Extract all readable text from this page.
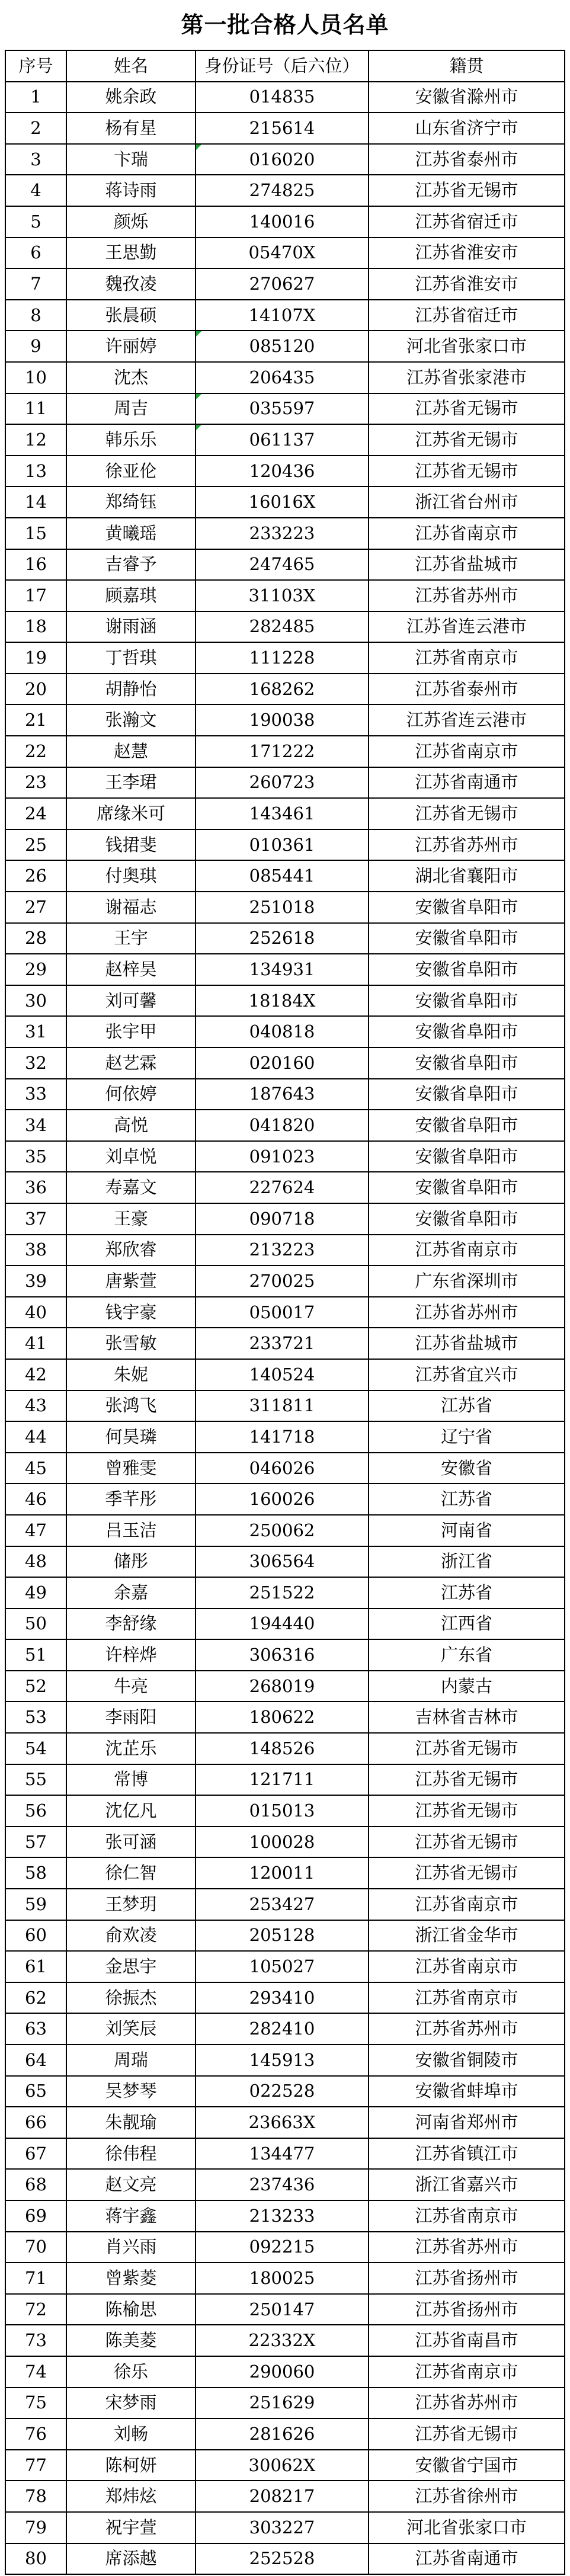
第一批合格人员名单
序号	姓名	身份证号（后六位）	籍贯
1	姚余政	014835	安徽省滁州市
2	杨有星	215614	山东省济宁市
3	卞瑞	016020	江苏省泰州市
4	蒋诗雨	274825	江苏省无锡市
5	颜烁	140016	江苏省宿迁市
6	王思勤	05470X	江苏省淮安市
7	魏孜凌	270627	江苏省淮安市
8	张晨硕	14107X	江苏省宿迁市
9	许丽婷	085120	河北省张家口市
10	沈杰	206435	江苏省张家港市
11	周吉	035597	江苏省无锡市
12	韩乐乐	061137	江苏省无锡市
13	徐亚伦	120436	江苏省无锡市
14	郑绮钰	16016X	浙江省台州市
15	黄曦瑶	233223	江苏省南京市
16	吉睿予	247465	江苏省盐城市
17	顾嘉琪	31103X	江苏省苏州市
18	谢雨涵	282485	江苏省连云港市
19	丁哲琪	111228	江苏省南京市
20	胡静怡	168262	江苏省泰州市
21	张瀚文	190038	江苏省连云港市
22	赵慧	171222	江苏省南京市
23	王李珺	260723	江苏省南通市
24	席缘米可	143461	江苏省无锡市
25	钱捃斐	010361	江苏省苏州市
26	付奥琪	085441	湖北省襄阳市
27	谢福志	251018	安徽省阜阳市
28	王宇	252618	安徽省阜阳市
29	赵梓昊	134931	安徽省阜阳市
30	刘可馨	18184X	安徽省阜阳市
31	张宇甲	040818	安徽省阜阳市
32	赵艺霖	020160	安徽省阜阳市
33	何依婷	187643	安徽省阜阳市
34	高悦	041820	安徽省阜阳市
35	刘卓悦	091023	安徽省阜阳市
36	寿嘉文	227624	安徽省阜阳市
37	王豪	090718	安徽省阜阳市
38	郑欣睿	213223	江苏省南京市
39	唐紫萱	270025	广东省深圳市
40	钱宇豪	050017	江苏省苏州市
41	张雪敏	233721	江苏省盐城市
42	朱妮	140524	江苏省宜兴市
43	张鸿飞	311811	江苏省
44	何昊璘	141718	辽宁省
45	曾雅雯	046026	安徽省
46	季芊彤	160026	江苏省
47	吕玉洁	250062	河南省
48	储彤	306564	浙江省
49	余嘉	251522	江苏省
50	李舒缘	194440	江西省
51	许梓烨	306316	广东省
52	牛亮	268019	内蒙古
53	李雨阳	180622	吉林省吉林市
54	沈芷乐	148526	江苏省无锡市
55	常博	121711	江苏省无锡市
56	沈亿凡	015013	江苏省无锡市
57	张可涵	100028	江苏省无锡市
58	徐仁智	120011	江苏省无锡市
59	王梦玥	253427	江苏省南京市
60	俞欢凌	205128	浙江省金华市
61	金思宇	105027	江苏省南京市
62	徐振杰	293410	江苏省南京市
63	刘笑辰	282410	江苏省苏州市
64	周瑞	145913	安徽省铜陵市
65	吴梦琴	022528	安徽省蚌埠市
66	朱靓瑜	23663X	河南省郑州市
67	徐伟程	134477	江苏省镇江市
68	赵文亮	237436	浙江省嘉兴市
69	蒋宇鑫	213233	江苏省南京市
70	肖兴雨	092215	江苏省苏州市
71	曾紫菱	180025	江苏省扬州市
72	陈榆思	250147	江苏省扬州市
73	陈美菱	22332X	江苏省南昌市
74	徐乐	290060	江苏省南京市
75	宋梦雨	251629	江苏省苏州市
76	刘畅	281626	江苏省无锡市
77	陈柯妍	30062X	安徽省宁国市
78	郑炜炫	208217	江苏省徐州市
79	祝宇萱	303227	河北省张家口市
80	席添越	252528	江苏省南通市
